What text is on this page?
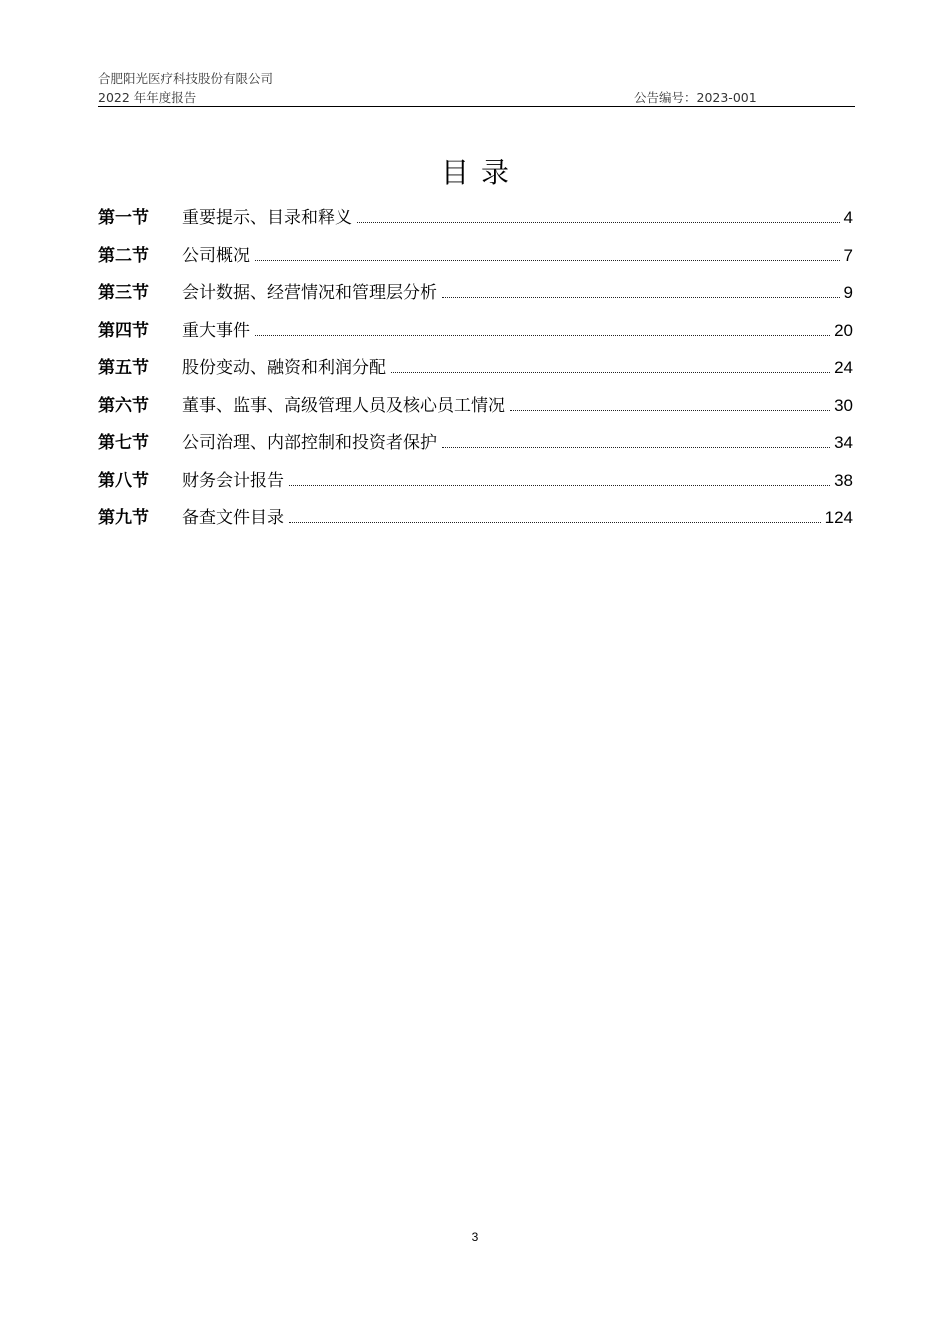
合肥阳光医疗科技股份有限公司
2022 年年度报告	公告编号：2023-001
目录
第一节	重要提示、目录和释义	4
第二节	公司概况	7
第三节	会计数据、经营情况和管理层分析	9
第四节	重大事件	20
第五节	股份变动、融资和利润分配	24
第六节	董事、监事、高级管理人员及核心员工情况	30
第七节	公司治理、内部控制和投资者保护	34
第八节	财务会计报告	38
第九节	备查文件目录	124
3
